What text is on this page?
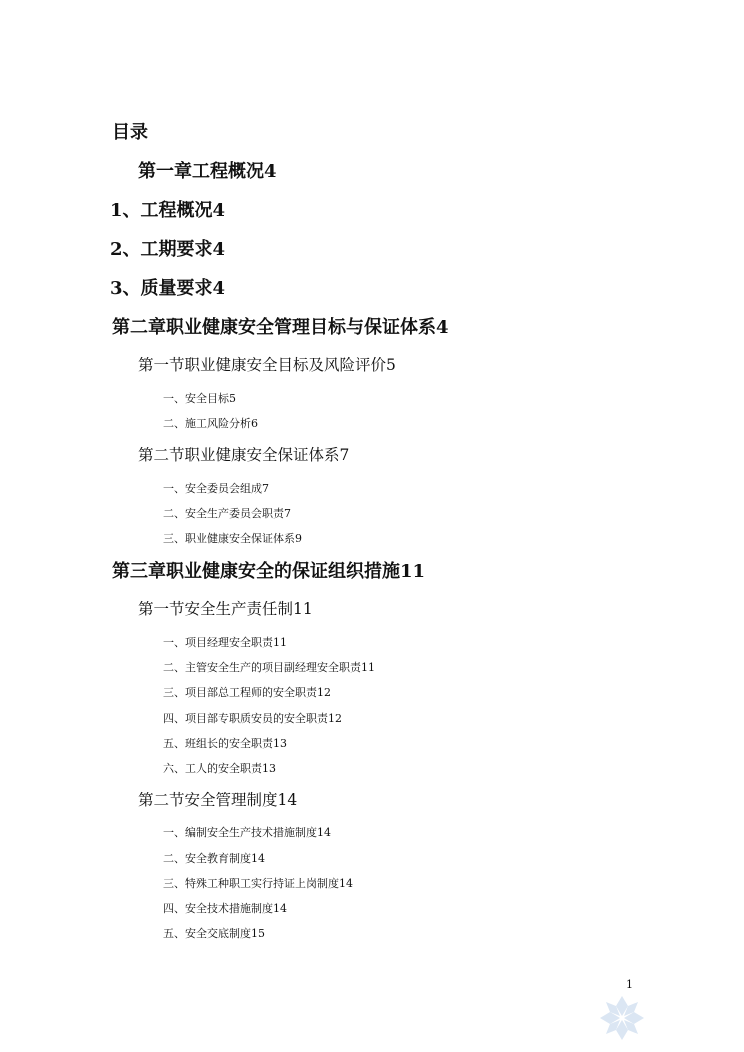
目录
第一章工程概况4
1、工程概况4
2、工期要求4
3、质量要求4
第二章职业健康安全管理目标与保证体系4
第一节职业健康安全目标及风险评价5
一、安全目标5
二、施工风险分析6
第二节职业健康安全保证体系7
一、安全委员会组成7
二、安全生产委员会职责7
三、职业健康安全保证体系9
第三章职业健康安全的保证组织措施11
第一节安全生产责任制11
一、项目经理安全职责11
二、主管安全生产的项目副经理安全职责11
三、项目部总工程师的安全职责12
四、项目部专职质安员的安全职责12
五、班组长的安全职责13
六、工人的安全职责13
第二节安全管理制度14
一、编制安全生产技术措施制度14
二、安全教育制度14
三、特殊工种职工实行持证上岗制度14
四、安全技术措施制度14
五、安全交底制度15
1
